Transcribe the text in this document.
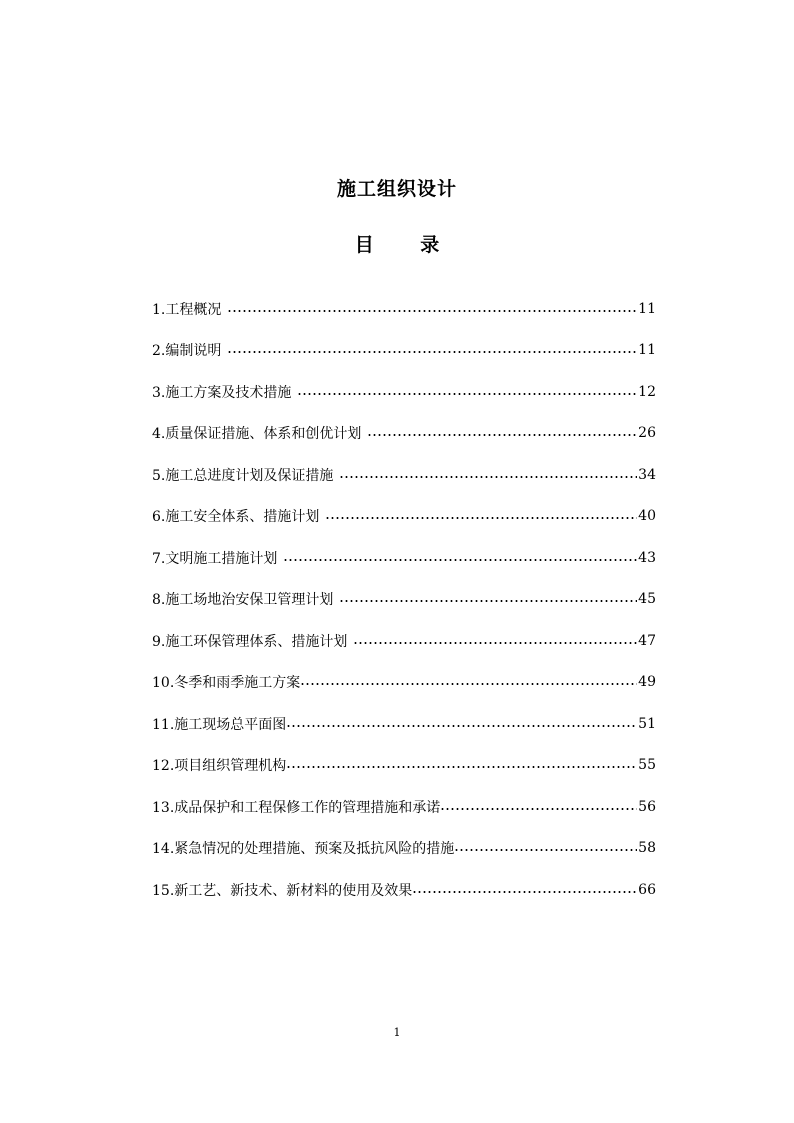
施工组织设计
目 录
1.工程概况	11
2.编制说明	11
3.施工方案及技术措施	12
4.质量保证措施、体系和创优计划	26
5.施工总进度计划及保证措施	34
6.施工安全体系、措施计划	40
7.文明施工措施计划	43
8.施工场地治安保卫管理计划	45
9.施工环保管理体系、措施计划	47
10.冬季和雨季施工方案	49
11.施工现场总平面图	51
12.项目组织管理机构	55
13.成品保护和工程保修工作的管理措施和承诺	56
14.紧急情况的处理措施、预案及抵抗风险的措施	58
15.新工艺、新技术、新材料的使用及效果	66
1
